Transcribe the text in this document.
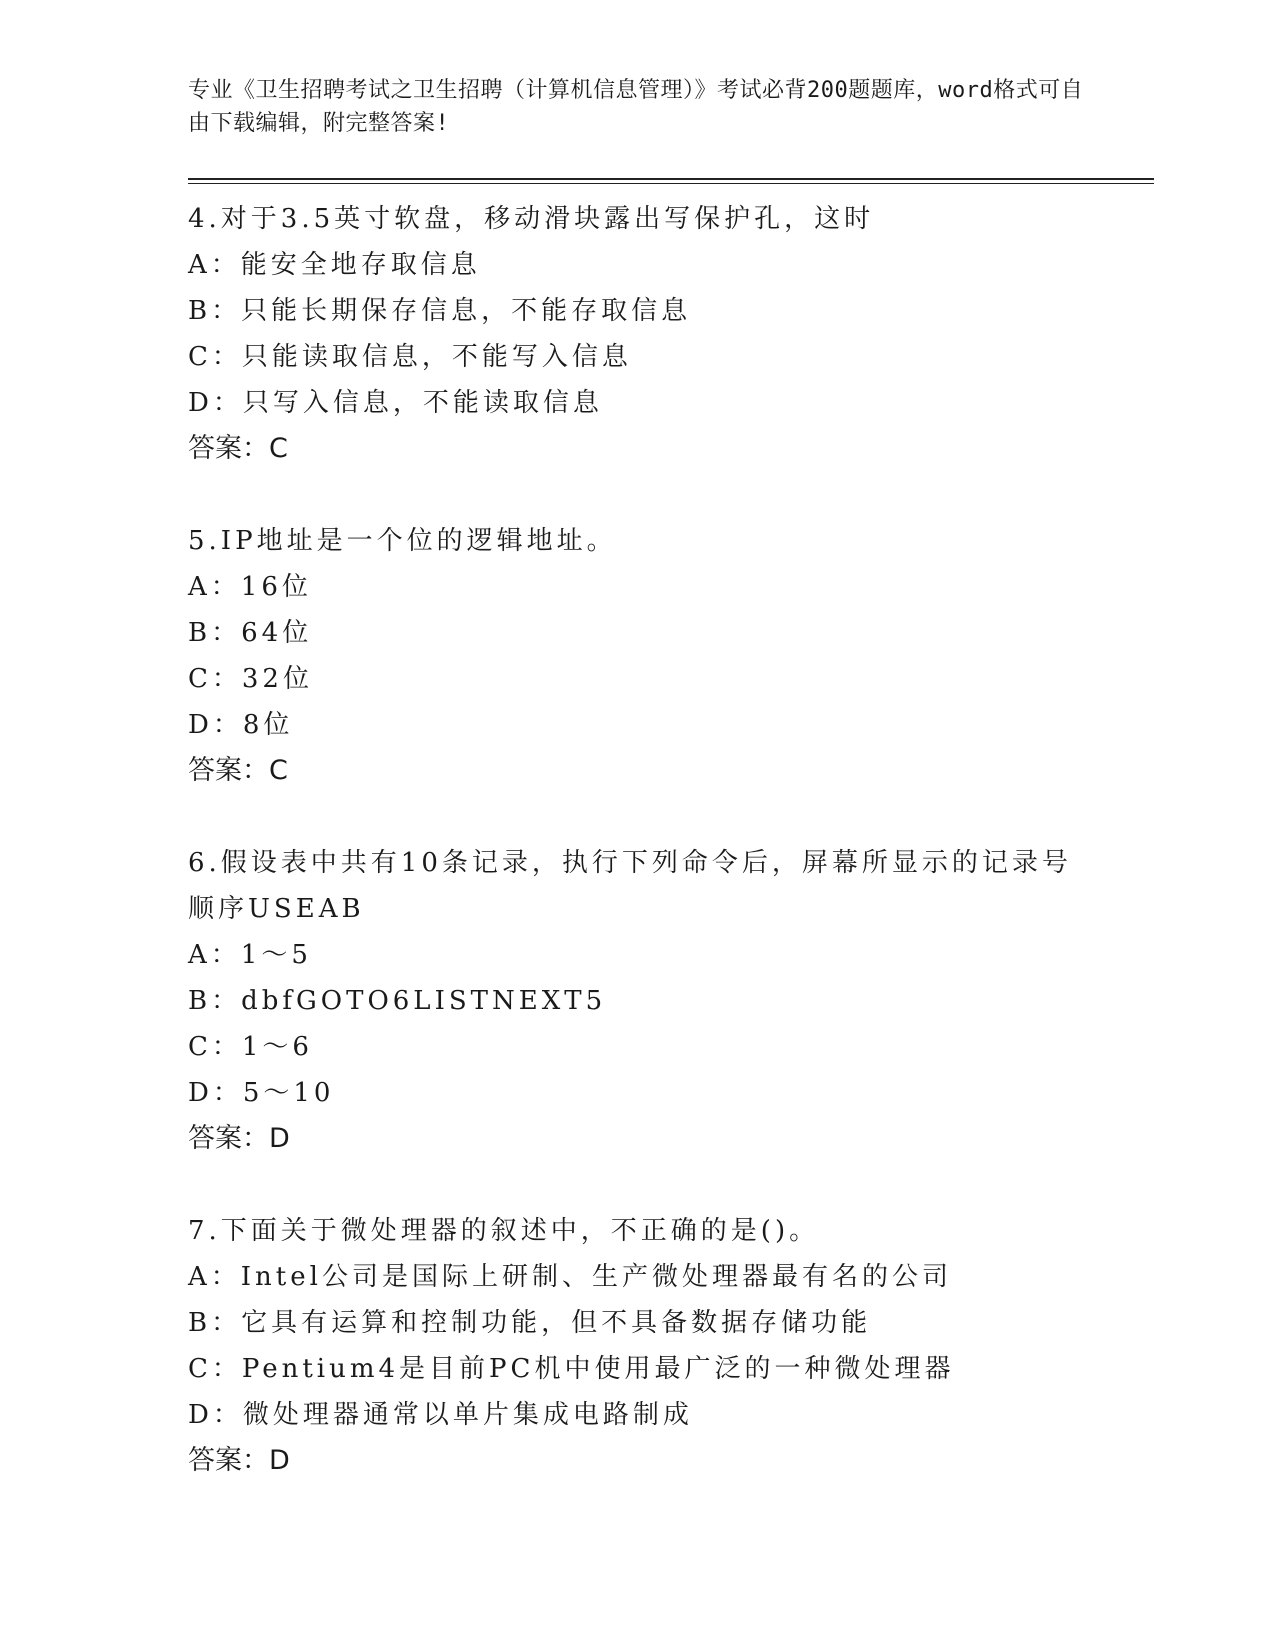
专业《卫生招聘考试之卫生招聘（计算机信息管理）》考试必背200题题库，word格式可自由下载编辑，附完整答案!

4.对于3.5英寸软盘，移动滑块露出写保护孔，这时

A：能安全地存取信息

B：只能长期保存信息，不能存取信息

C：只能读取信息，不能写入信息

D：只写入信息，不能读取信息

答案：C

5.IP地址是一个位的逻辑地址。

A：16位

B：64位

C：32位

D：8位

答案：C

6.假设表中共有10条记录，执行下列命令后，屏幕所显示的记录号顺序USEAB

A：1～5

B：dbfGOTO6LISTNEXT5

C：1～6

D：5～10

答案：D

7.下面关于微处理器的叙述中，不正确的是()。

A：Intel公司是国际上研制、生产微处理器最有名的公司

B：它具有运算和控制功能，但不具备数据存储功能

C：Pentium4是目前PC机中使用最广泛的一种微处理器

D：微处理器通常以单片集成电路制成

答案：D
